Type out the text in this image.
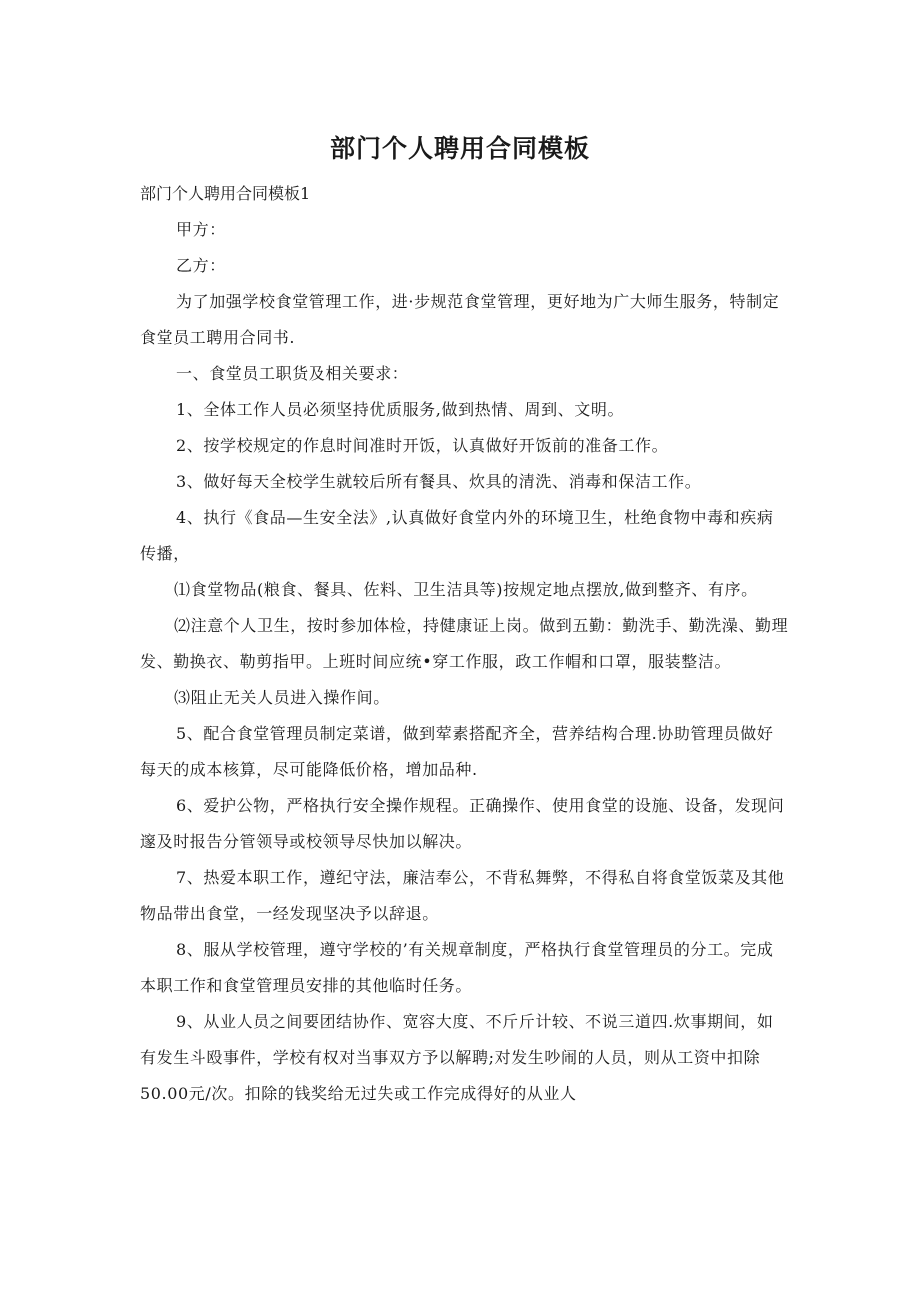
部门个人聘用合同模板
部门个人聘用合同模板1

甲方：

乙方：

为了加强学校食堂管理工作，进·步规范食堂管理，更好地为广大师生服务，特制定食堂员工聘用合同书.

一、食堂员工职货及相关要求：

1、全体工作人员必须坚持优质服务,做到热情、周到、文明。

2、按学校规定的作息时间准时开饭，认真做好开饭前的准备工作。

3、做好每天全校学生就较后所有餐具、炊具的清洗、消毒和保洁工作。

4、执行《食品—生安全法》,认真做好食堂内外的环境卫生，杜绝食物中毒和疾病传播，

⑴食堂物品(粮食、餐具、佐料、卫生洁具等)按规定地点摆放,做到整齐、有序。

⑵注意个人卫生，按时参加体检，持健康证上岗。做到五勤：勤洗手、勤洗澡、勤理发、勤换衣、勒剪指甲。上班时间应统•穿工作服，政工作帽和口罩，服装整洁。

⑶阻止无关人员进入操作间。

5、配合食堂管理员制定菜谱，做到荤素搭配齐全，营养结构合理.协助管理员做好每天的成本核算，尽可能降低价格，增加品种.

6、爱护公物，严格执行安全操作规程。正确操作、使用食堂的设施、设备，发现问邃及时报告分管领导或校领导尽快加以解决。

7、热爱本职工作，遵纪守法，廉洁奉公，不背私舞弊，不得私自将食堂饭菜及其他物品带出食堂，一经发现坚决予以辞退。

8、服从学校管理，遵守学校的’有关规章制度，严格执行食堂管理员的分工。完成本职工作和食堂管理员安排的其他临时任务。

9、从业人员之间要团结协作、宽容大度、不斤斤计较、不说三道四.炊事期间，如有发生斗殴事件，学校有权对当事双方予以解聘;对发生吵闹的人员，则从工资中扣除50.00元/次。扣除的钱奖给无过失或工作完成得好的从业人
